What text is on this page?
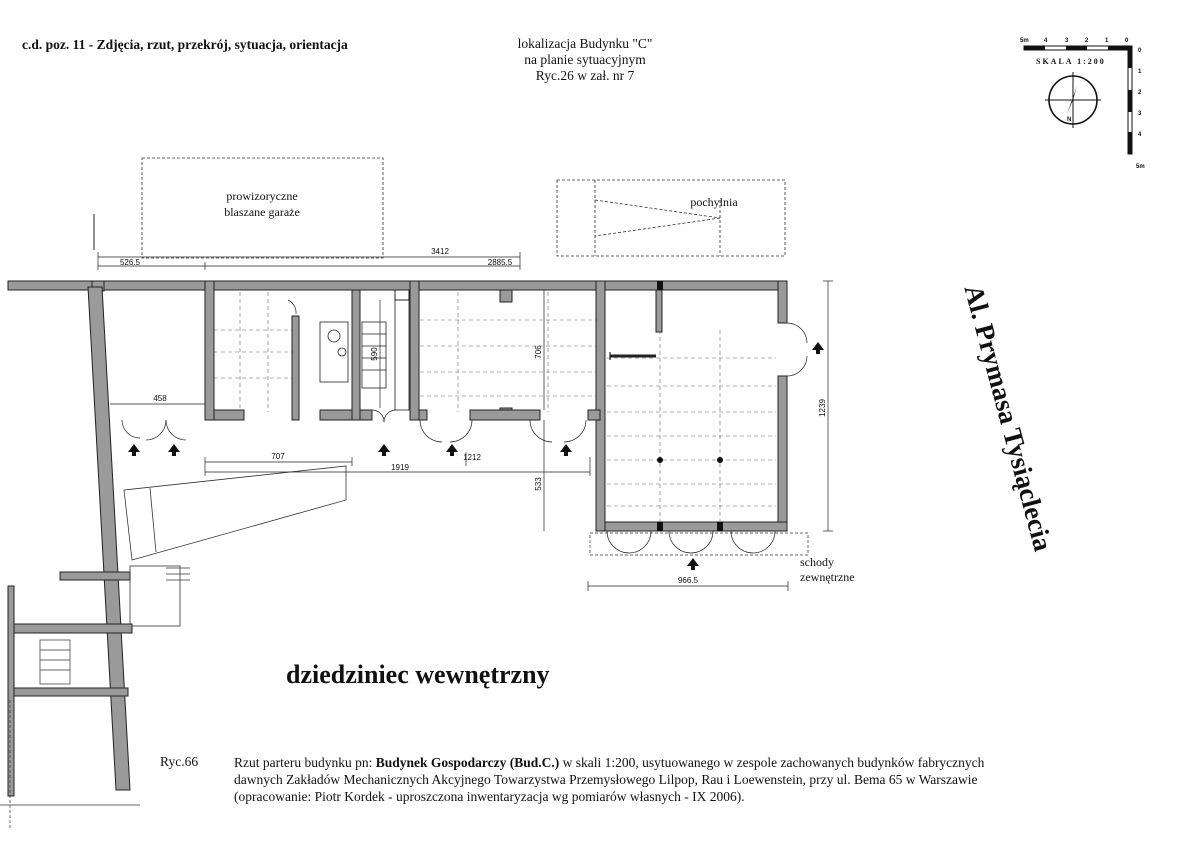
c.d. poz. 11 - Zdjęcia, rzut, przekrój, sytuacja, orientacja	lokalizacja Budynku "C"
na planie sytuacyjnym
Ryc.26 w zał. nr 7
SKALA 1:200
5m	4	3	2	1	0
0
1
2
3
4
5m
N
prowizoryczne
blaszane garaże
pochylnia
3412
526.5	2885.5
458
707	1212
1919
706
590
1239
533
966.5
schody
zewnętrzne
Al. Prymasa Tysiąclecia
dziedziniec wewnętrzny
Ryc.66	Rzut parteru budynku pn: Budynek Gospodarczy (Bud.C.) w skali 1:200, usytuowanego w zespole zachowanych budynków fabrycznych
dawnych Zakładów Mechanicznych Akcyjnego Towarzystwa Przemysłowego Lilpop, Rau i Loewenstein, przy ul. Bema 65 w Warszawie
(opracowanie: Piotr Kordek - uproszczona inwentaryzacja wg pomiarów własnych - IX 2006).
